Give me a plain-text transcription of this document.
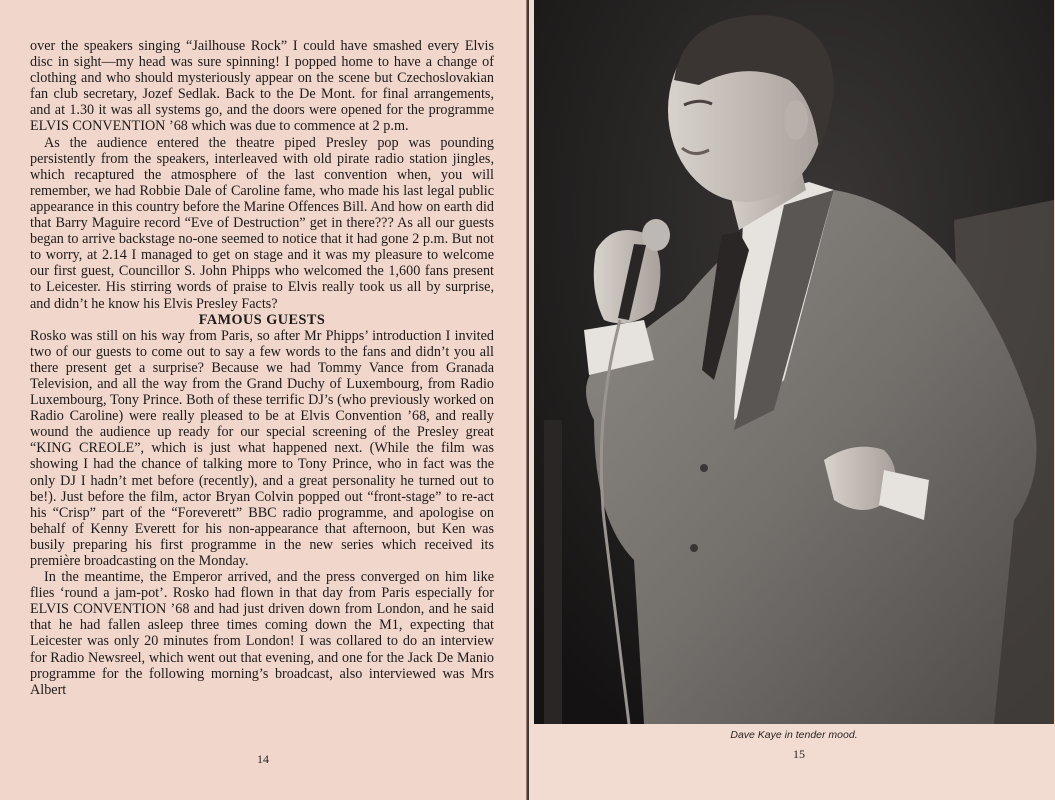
over the speakers singing “Jailhouse Rock” I could have smashed every Elvis disc in sight—my head was sure spinning! I popped home to have a change of clothing and who should mysteriously appear on the scene but Czechoslovakian fan club secretary, Jozef Sedlak. Back to the De Mont. for final arrangements, and at 1.30 it was all systems go, and the doors were opened for the programme ELVIS CONVENTION ’68 which was due to commence at 2 p.m.

As the audience entered the theatre piped Presley pop was pounding persistently from the speakers, interleaved with old pirate radio station jingles, which recaptured the atmosphere of the last convention when, you will remember, we had Robbie Dale of Caroline fame, who made his last legal public appearance in this country before the Marine Offences Bill. And how on earth did that Barry Maguire record “Eve of Destruction” get in there??? As all our guests began to arrive backstage no-one seemed to notice that it had gone 2 p.m. But not to worry, at 2.14 I managed to get on stage and it was my pleasure to welcome our first guest, Councillor S. John Phipps who welcomed the 1,600 fans present to Leicester. His stirring words of praise to Elvis really took us all by surprise, and didn’t he know his Elvis Presley Facts?

FAMOUS GUESTS

Rosko was still on his way from Paris, so after Mr Phipps’ introduction I invited two of our guests to come out to say a few words to the fans and didn’t you all there present get a surprise? Because we had Tommy Vance from Granada Television, and all the way from the Grand Duchy of Luxembourg, from Radio Luxembourg, Tony Prince. Both of these terrific DJ’s (who previously worked on Radio Caroline) were really pleased to be at Elvis Convention ’68, and really wound the audience up ready for our special screening of the Presley great “KING CREOLE”, which is just what happened next. (While the film was showing I had the chance of talking more to Tony Prince, who in fact was the only DJ I hadn’t met before (recently), and a great personality he turned out to be!). Just before the film, actor Bryan Colvin popped out “front-stage” to re-act his “Crisp” part of the “Foreverett” BBC radio programme, and apologise on behalf of Kenny Everett for his non-appearance that afternoon, but Ken was busily preparing his first programme in the new series which received its première broadcasting on the Monday.

In the meantime, the Emperor arrived, and the press converged on him like flies ‘round a jam-pot’. Rosko had flown in that day from Paris especially for ELVIS CONVENTION ’68 and had just driven down from London, and he said that he had fallen asleep three times coming down the M1, expecting that Leicester was only 20 minutes from London! I was collared to do an interview for Radio Newsreel, which went out that evening, and one for the Jack De Manio programme for the following morning’s broadcast, also interviewed was Mrs Albert

14
Dave Kaye in tender mood.
15
